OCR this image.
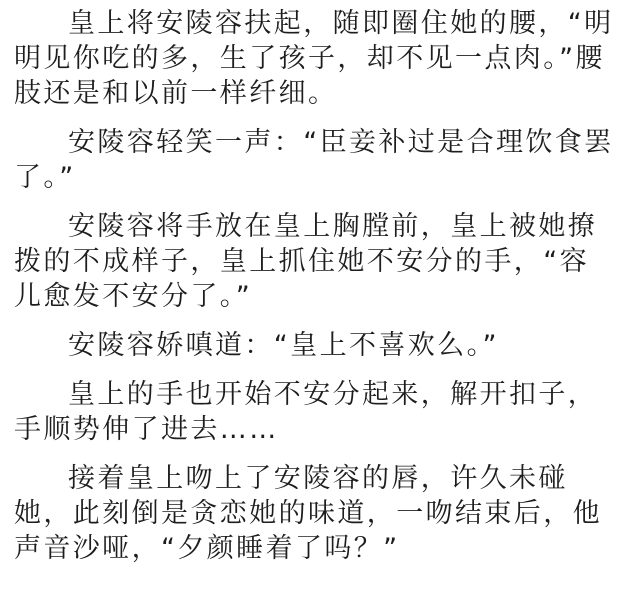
皇上将安陵容扶起，随即圈住她的腰，“明明见你吃的多，生了孩子，却不见一点肉。”腰肢还是和以前一样纤细。

安陵容轻笑一声：“臣妾补过是合理饮食罢了。”

安陵容将手放在皇上胸膛前，皇上被她撩拨的不成样子，皇上抓住她不安分的手，“容儿愈发不安分了。”

安陵容娇嗔道：“皇上不喜欢么。”

皇上的手也开始不安分起来，解开扣子，手顺势伸了进去……

接着皇上吻上了安陵容的唇，许久未碰她，此刻倒是贪恋她的味道，一吻结束后，他声音沙哑，“夕颜睡着了吗？”
